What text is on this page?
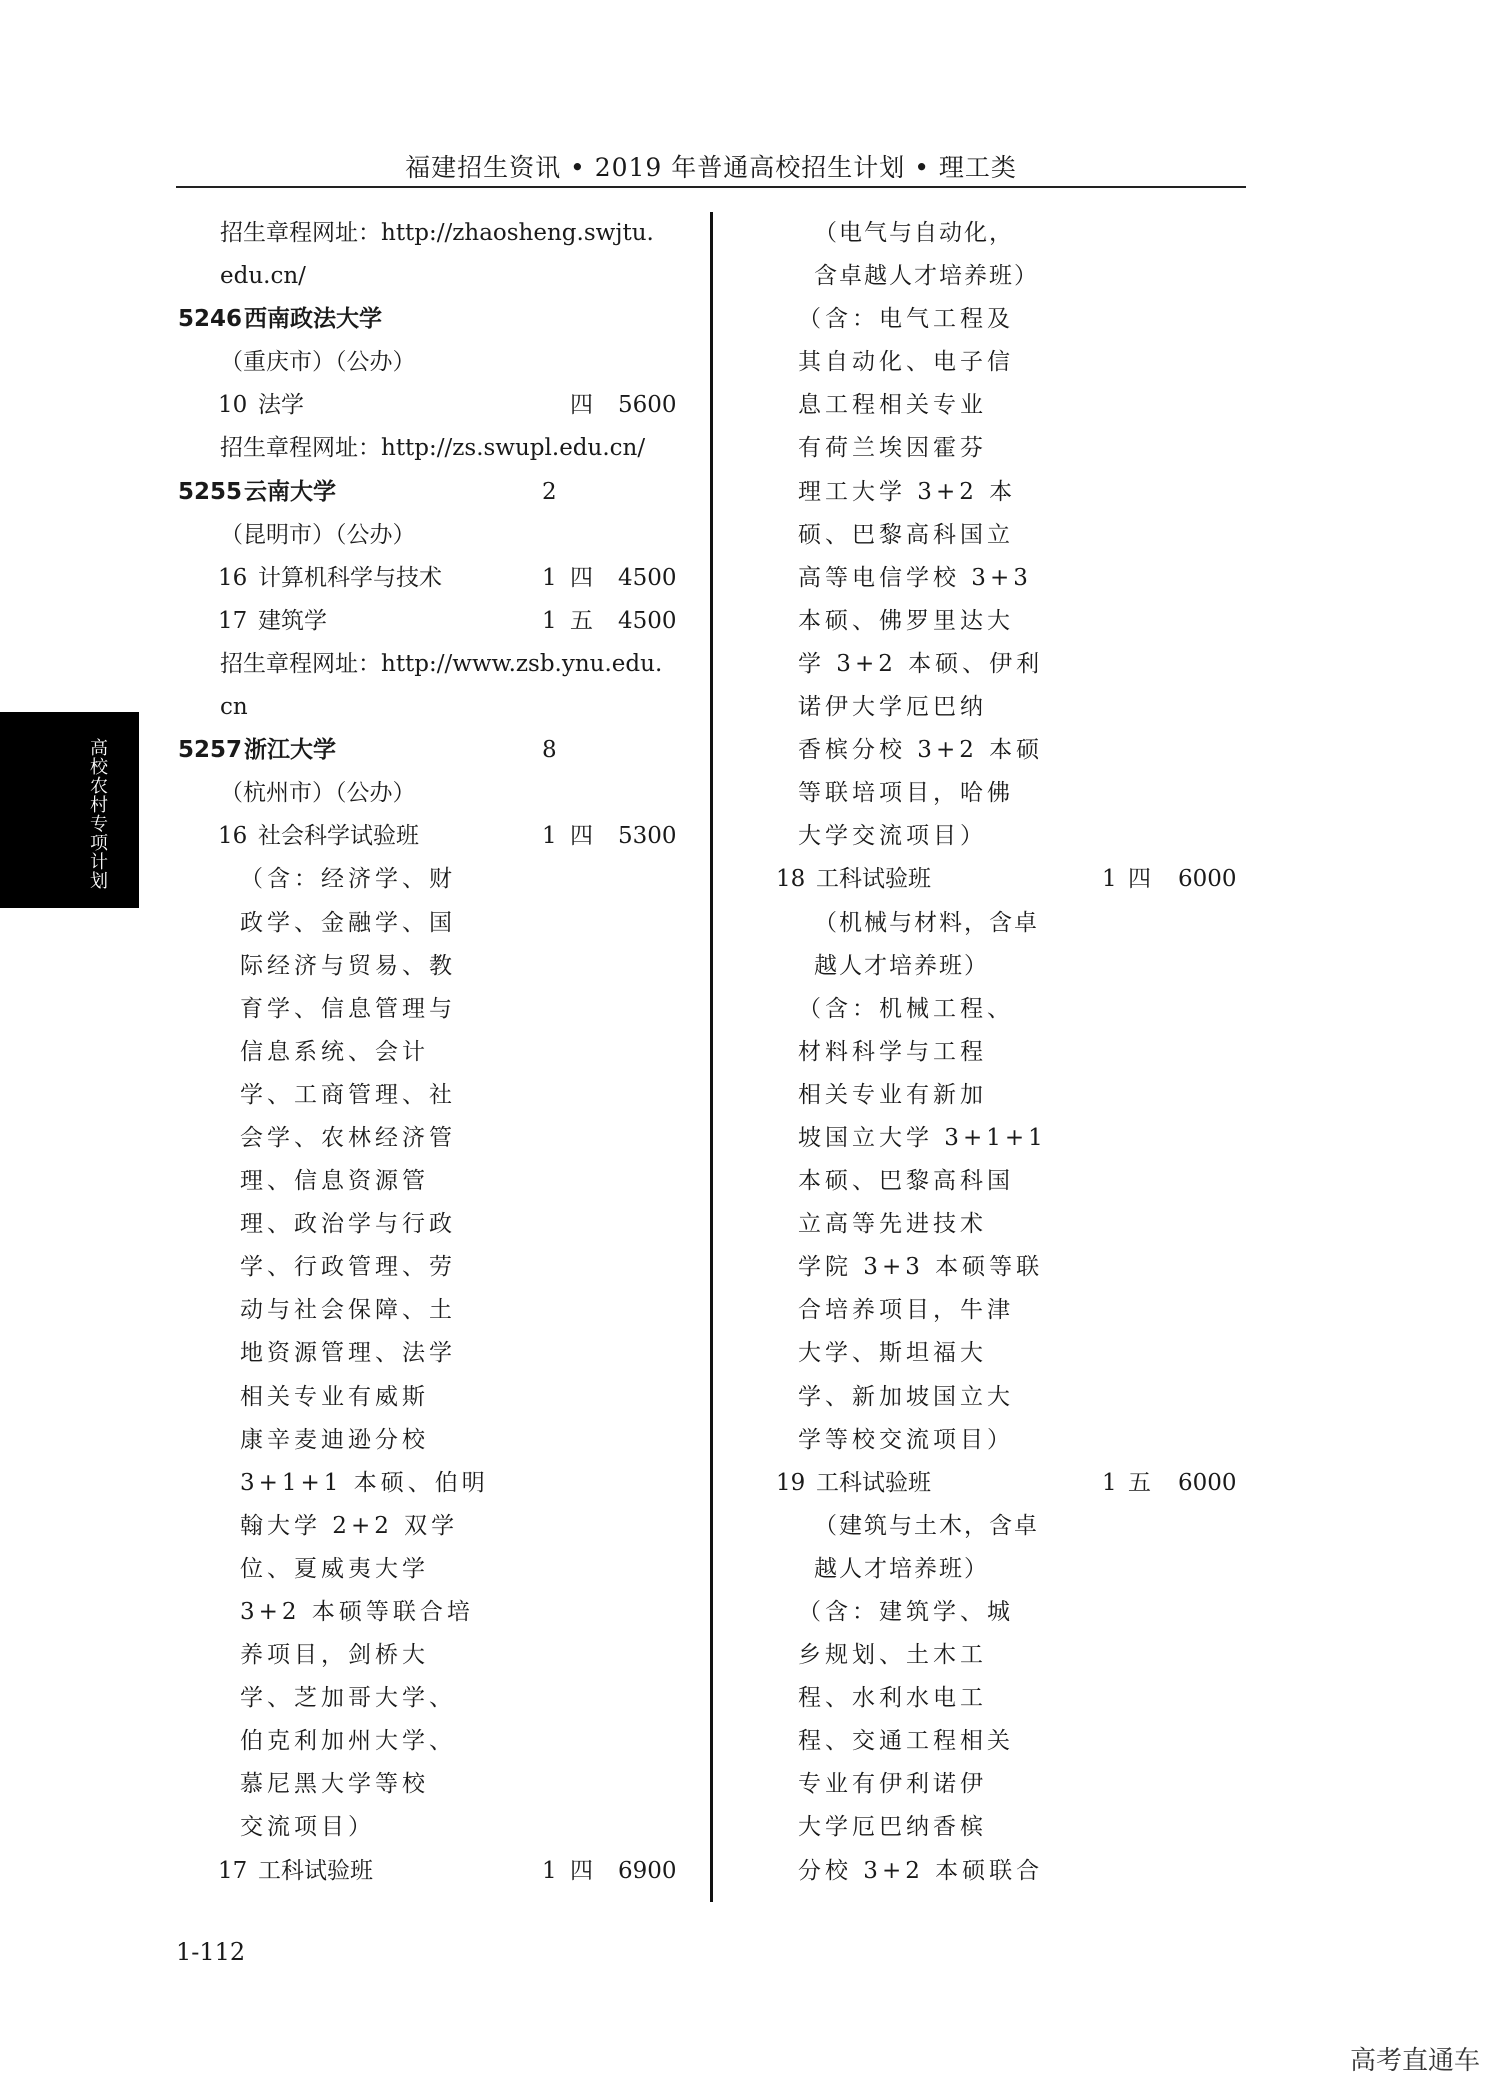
福建招生资讯 • 2019 年普通高校招生计划 • 理工类
高校农村专项计划
招生章程网址：http://zhaosheng.swjtu.
edu.cn/
5246 西南政法大学
（重庆市）（公办）
10 法学	四 5600
招生章程网址：http://zs.swupl.edu.cn/
5255 云南大学	2
（昆明市）（公办）
16 计算机科学与技术	1 四 4500
17 建筑学	1 五 4500
招生章程网址：http://www.zsb.ynu.edu.
cn
5257 浙江大学	8
（杭州市）（公办）
16 社会科学试验班	1 四 5300
（含：经济学、财
政学、金融学、国
际经济与贸易、教
育学、信息管理与
信息系统、会计
学、工商管理、社
会学、农林经济管
理、信息资源管
理、政治学与行政
学、行政管理、劳
动与社会保障、土
地资源管理、法学
相关专业有威斯
康辛麦迪逊分校
3+1+1 本硕、伯明
翰大学 2+2 双学
位、夏威夷大学
3+2 本硕等联合培
养项目，剑桥大
学、芝加哥大学、
伯克利加州大学、
慕尼黑大学等校
交流项目）
17 工科试验班	1 四 6900
（电气与自动化，
含卓越人才培养班）
（含：电气工程及
其自动化、电子信
息工程相关专业
有荷兰埃因霍芬
理工大学 3+2 本
硕、巴黎高科国立
高等电信学校 3+3
本硕、佛罗里达大
学 3+2 本硕、伊利
诺伊大学厄巴纳
香槟分校 3+2 本硕
等联培项目，哈佛
大学交流项目）
18 工科试验班	1 四 6000
（机械与材料，含卓
越人才培养班）
（含：机械工程、
材料科学与工程
相关专业有新加
坡国立大学 3+1+1
本硕、巴黎高科国
立高等先进技术
学院 3+3 本硕等联
合培养项目，牛津
大学、斯坦福大
学、新加坡国立大
学等校交流项目）
19 工科试验班	1 五 6000
（建筑与土木，含卓
越人才培养班）
（含：建筑学、城
乡规划、土木工
程、水利水电工
程、交通工程相关
专业有伊利诺伊
大学厄巴纳香槟
分校 3+2 本硕联合
1-112
高考直通车
